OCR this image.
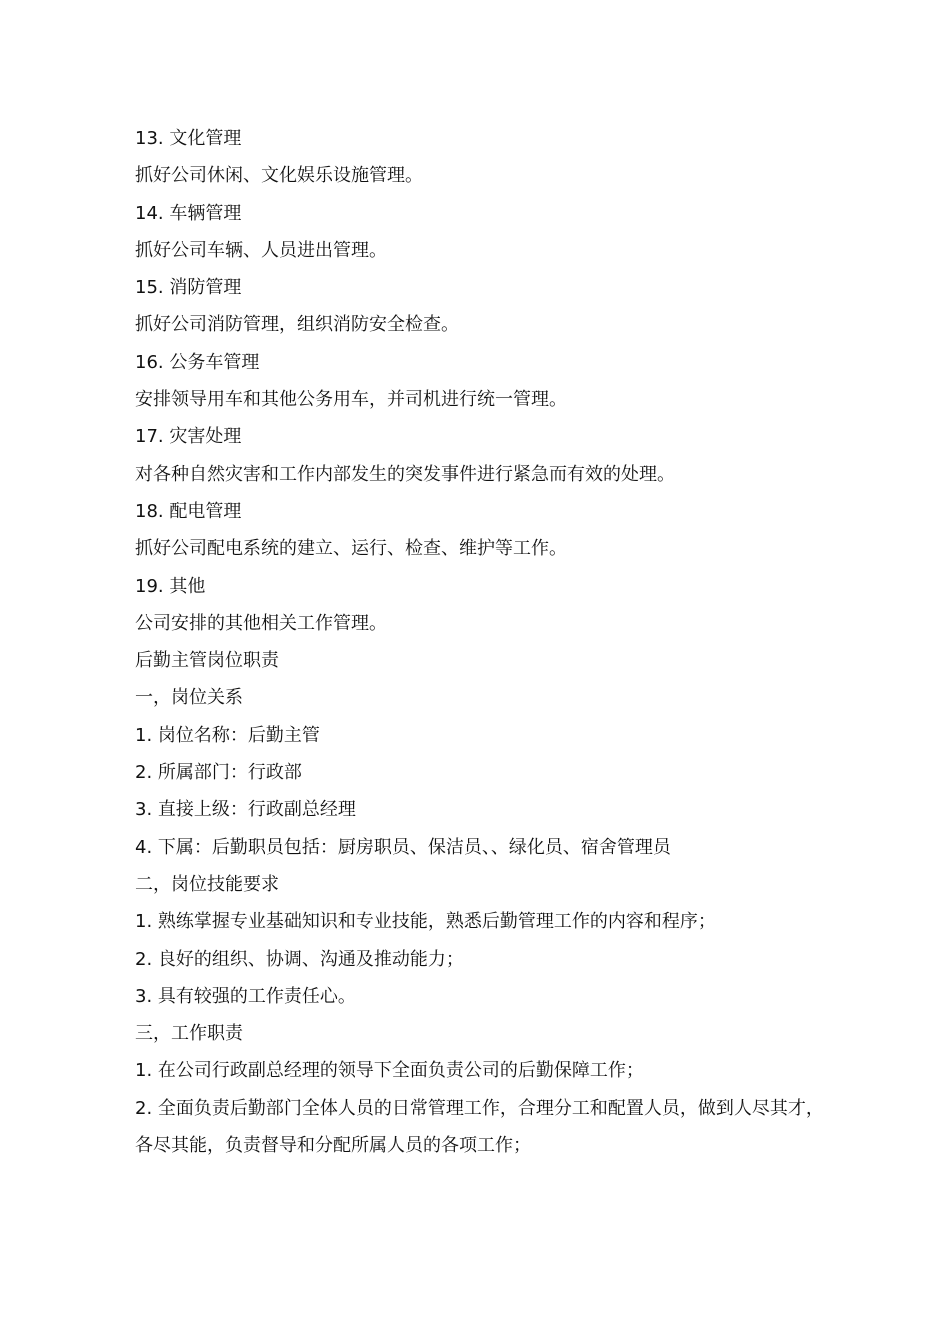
13. 文化管理
抓好公司休闲、文化娱乐设施管理。
14. 车辆管理
抓好公司车辆、人员进出管理。
15. 消防管理
抓好公司消防管理，组织消防安全检查。
16. 公务车管理
安排领导用车和其他公务用车，并司机进行统一管理。
17. 灾害处理
对各种自然灾害和工作内部发生的突发事件进行紧急而有效的处理。
18. 配电管理
抓好公司配电系统的建立、运行、检查、维护等工作。
19. 其他
公司安排的其他相关工作管理。
后勤主管岗位职责
一，岗位关系
1. 岗位名称：后勤主管
2. 所属部门：行政部
3. 直接上级：行政副总经理
4. 下属：后勤职员包括：厨房职员、保洁员、、绿化员、宿舍管理员
二，岗位技能要求
1. 熟练掌握专业基础知识和专业技能，熟悉后勤管理工作的内容和程序；
2. 良好的组织、协调、沟通及推动能力；
3. 具有较强的工作责任心。
三，工作职责
1. 在公司行政副总经理的领导下全面负责公司的后勤保障工作；
2. 全面负责后勤部门全体人员的日常管理工作，合理分工和配置人员，做到人尽其才，
各尽其能，负责督导和分配所属人员的各项工作；
